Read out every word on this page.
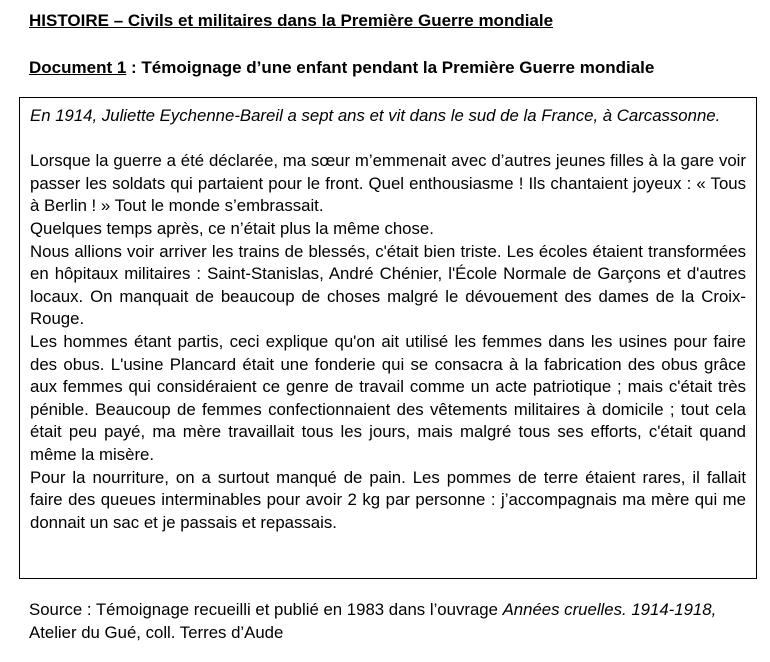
HISTOIRE – Civils et militaires dans la Première Guerre mondiale
Document 1 : Témoignage d’une enfant pendant la Première Guerre mondiale

En 1914, Juliette Eychenne-Bareil a sept ans et vit dans le sud de la France, à Carcassonne.

Lorsque la guerre a été déclarée, ma sœur m’emmenait avec d’autres jeunes filles à la gare voir passer les soldats qui partaient pour le front. Quel enthousiasme ! Ils chantaient joyeux : « Tous à Berlin ! » Tout le monde s’embrassait.

Quelques temps après, ce n’était plus la même chose.

Nous allions voir arriver les trains de blessés, c'était bien triste. Les écoles étaient transformées en hôpitaux militaires : Saint-Stanislas, André Chénier, l'École Normale de Garçons et d'autres locaux. On manquait de beaucoup de choses malgré le dévouement des dames de la Croix-Rouge.

Les hommes étant partis, ceci explique qu'on ait utilisé les femmes dans les usines pour faire des obus. L'usine Plancard était une fonderie qui se consacra à la fabrication des obus grâce aux femmes qui considéraient ce genre de travail comme un acte patriotique ; mais c'était très pénible. Beaucoup de femmes confectionnaient des vêtements militaires à domicile ; tout cela était peu payé, ma mère travaillait tous les jours, mais malgré tous ses efforts, c'était quand même la misère.

Pour la nourriture, on a surtout manqué de pain. Les pommes de terre étaient rares, il fallait faire des queues interminables pour avoir 2 kg par personne : j’accompagnais ma mère qui me donnait un sac et je passais et repassais.

Source : Témoignage recueilli et publié en 1983 dans l’ouvrage Années cruelles. 1914-1918, Atelier du Gué, coll. Terres d’Aude
